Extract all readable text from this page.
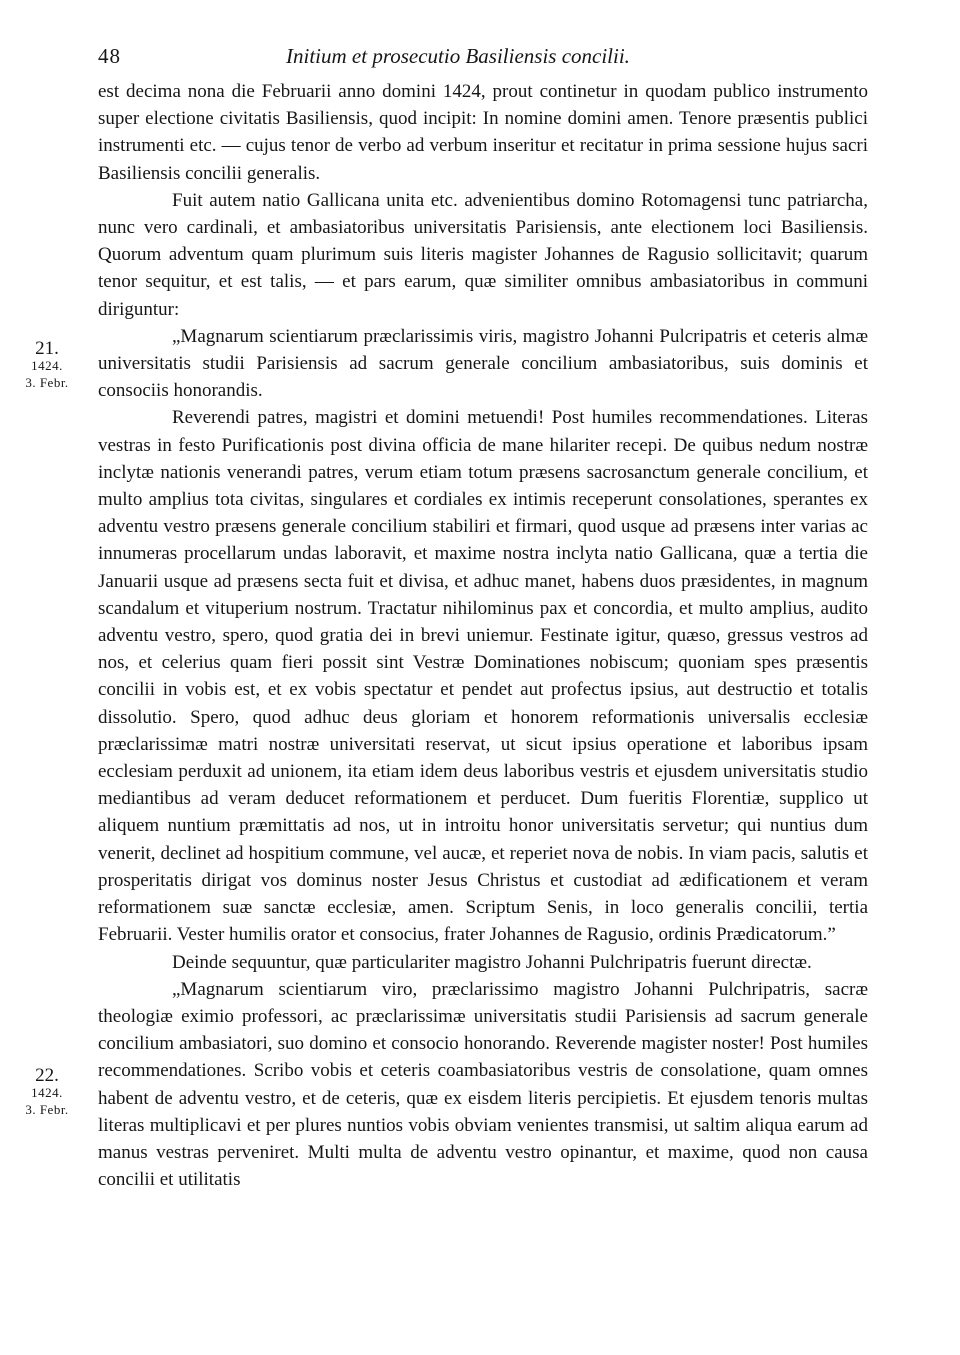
48	Initium et prosecutio Basiliensis concilii.
21.
1424.
3. Febr.
22.
1424.
3. Febr.

est decima nona die Februarii anno domini 1424, prout continetur in quodam publico instrumento super electione civitatis Basiliensis, quod incipit: In nomine domini amen. Tenore præsentis publici instrumenti etc. — cujus tenor de verbo ad verbum inseritur et recitatur in prima sessione hujus sacri Basiliensis concilii generalis.

Fuit autem natio Gallicana unita etc. advenientibus domino Rotomagensi tunc patriarcha, nunc vero cardinali, et ambasiatoribus universitatis Parisiensis, ante electionem loci Basiliensis. Quorum adventum quam plurimum suis literis magister Johannes de Ragusio sollicitavit; quarum tenor sequitur, et est talis, — et pars earum, quæ similiter omnibus ambasiatoribus in communi diriguntur:

„Magnarum scientiarum præclarissimis viris, magistro Johanni Pulcripatris et ceteris almæ universitatis studii Parisiensis ad sacrum generale concilium ambasiatoribus, suis dominis et consociis honorandis.

Reverendi patres, magistri et domini metuendi! Post humiles recommendationes. Literas vestras in festo Purificationis post divina officia de mane hilariter recepi. De quibus nedum nostræ inclytæ nationis venerandi patres, verum etiam totum præsens sacrosanctum generale concilium, et multo amplius tota civitas, singulares et cordiales ex intimis receperunt consolationes, sperantes ex adventu vestro præsens generale concilium stabiliri et firmari, quod usque ad præsens inter varias ac innumeras procellarum undas laboravit, et maxime nostra inclyta natio Gallicana, quæ a tertia die Januarii usque ad præsens secta fuit et divisa, et adhuc manet, habens duos præsidentes, in magnum scandalum et vituperium nostrum. Tractatur nihilominus pax et concordia, et multo amplius, audito adventu vestro, spero, quod gratia dei in brevi uniemur. Festinate igitur, quæso, gressus vestros ad nos, et celerius quam fieri possit sint Vestræ Dominationes nobiscum; quoniam spes præsentis concilii in vobis est, et ex vobis spectatur et pendet aut profectus ipsius, aut destructio et totalis dissolutio. Spero, quod adhuc deus gloriam et honorem reformationis universalis ecclesiæ præclarissimæ matri nostræ universitati reservat, ut sicut ipsius operatione et laboribus ipsam ecclesiam perduxit ad unionem, ita etiam idem deus laboribus vestris et ejusdem universitatis studio mediantibus ad veram deducet reformationem et perducet. Dum fueritis Florentiæ, supplico ut aliquem nuntium præmittatis ad nos, ut in introitu honor universitatis servetur; qui nuntius dum venerit, declinet ad hospitium commune, vel aucæ, et reperiet nova de nobis. In viam pacis, salutis et prosperitatis dirigat vos dominus noster Jesus Christus et custodiat ad ædificationem et veram reformationem suæ sanctæ ecclesiæ, amen. Scriptum Senis, in loco generalis concilii, tertia Februarii. Vester humilis orator et consocius, frater Johannes de Ragusio, ordinis Prædicatorum.”

Deinde sequuntur, quæ particulariter magistro Johanni Pulchripatris fuerunt directæ.

„Magnarum scientiarum viro, præclarissimo magistro Johanni Pulchripatris, sacræ theologiæ eximio professori, ac præclarissimæ universitatis studii Parisiensis ad sacrum generale concilium ambasiatori, suo domino et consocio honorando. Reverende magister noster! Post humiles recommendationes. Scribo vobis et ceteris coambasiatoribus vestris de consolatione, quam omnes habent de adventu vestro, et de ceteris, quæ ex eisdem literis percipietis. Et ejusdem tenoris multas literas multiplicavi et per plures nuntios vobis obviam venientes transmisi, ut saltim aliqua earum ad manus vestras perveniret. Multi multa de adventu vestro opinantur, et maxime, quod non causa concilii et utilitatis
